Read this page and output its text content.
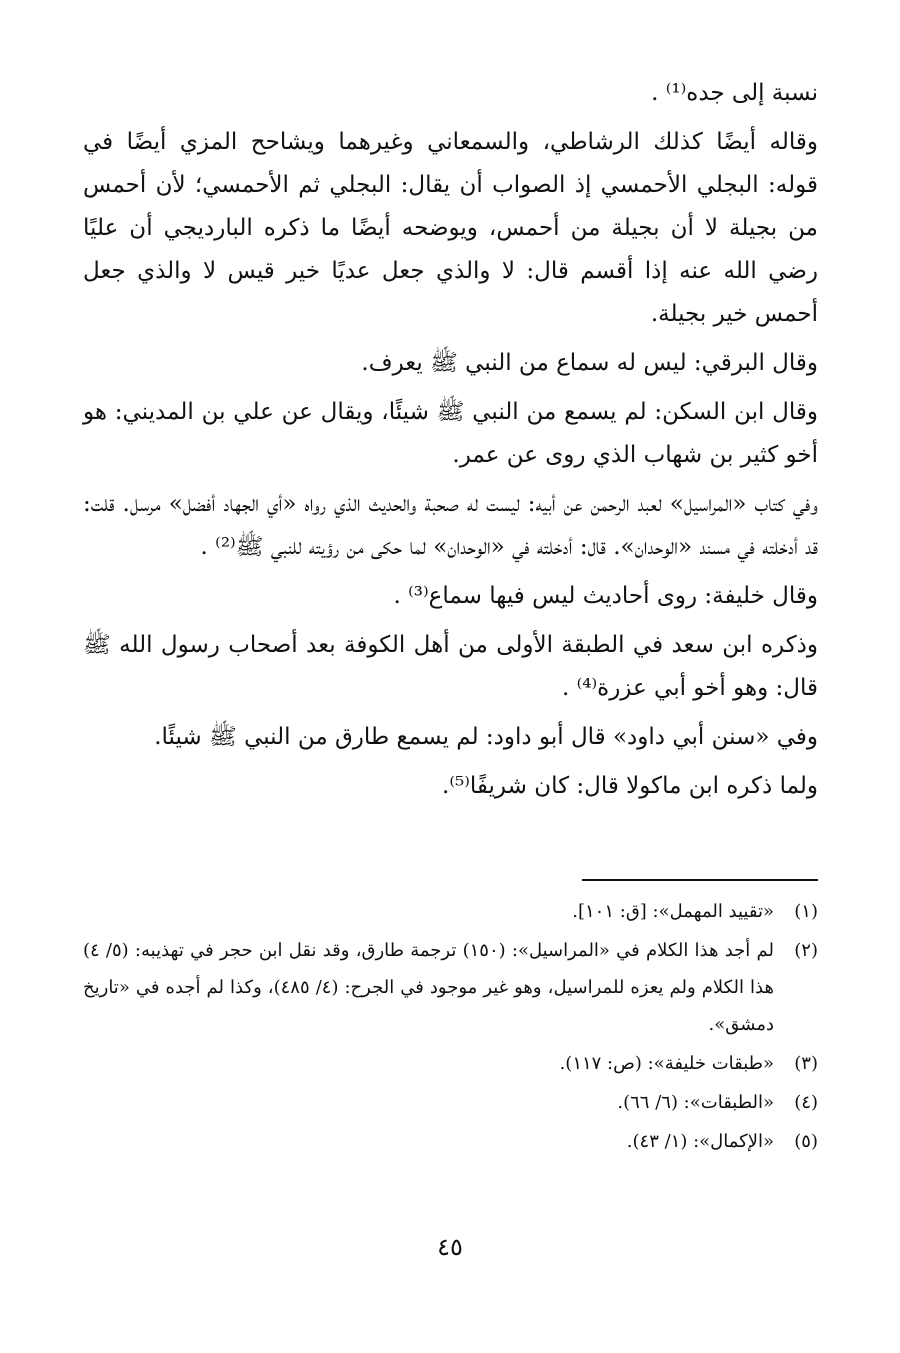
نسبة إلى جده⁽¹⁾ .

وقاله أيضًا كذلك الرشاطي، والسمعاني وغيرهما ويشاحح المزي أيضًا في قوله: البجلي الأحمسي إذ الصواب أن يقال: البجلي ثم الأحمسي؛ لأن أحمس من بجيلة لا أن بجيلة من أحمس، ويوضحه أيضًا ما ذكره الباردیجي أن عليًا رضي الله عنه إذا أقسم قال: لا والذي جعل عديًا خير قيس لا والذي جعل أحمس خير بجيلة.

وقال البرقي: ليس له سماع من النبي ﷺ يعرف.

وقال ابن السكن: لم يسمع من النبي ﷺ شيئًا، ويقال عن علي بن المديني: هو أخو كثير بن شهاب الذي روى عن عمر.

وفي كتاب «المراسيل» لعبد الرحمن عن أبيه: ليست له صحبة والحديث الذي رواه «أي الجهاد أفضل» مرسل. قلت: قد أدخلته في مسند «الوحدان». قال: أدخلته في «الوحدان» لما حكى من رؤيته للنبي ﷺ⁽²⁾ .

وقال خليفة: روى أحاديث ليس فيها سماع⁽³⁾ .

وذكره ابن سعد في الطبقة الأولى من أهل الكوفة بعد أصحاب رسول الله ﷺ قال: وهو أخو أبي عزرة⁽⁴⁾ .

وفي «سنن أبي داود» قال أبو داود: لم يسمع طارق من النبي ﷺ شيئًا.

ولما ذكره ابن ماكولا قال: كان شريفًا⁽⁵⁾.

(١)
«تقييد المهمل»: [ق: ١٠١].
(٢)
لم أجد هذا الكلام في «المراسيل»: (١٥٠) ترجمة طارق، وقد نقل ابن حجر في تهذيبه: (٥/ ٤) هذا الكلام ولم يعزه للمراسيل، وهو غير موجود في الجرح: (٤/ ٤٨٥)، وكذا لم أجده في «تاريخ دمشق».
(٣)
«طبقات خليفة»: (ص: ١١٧).
(٤)
«الطبقات»: (٦/ ٦٦).
(٥)
«الإكمال»: (١/ ٤٣).
٤٥
